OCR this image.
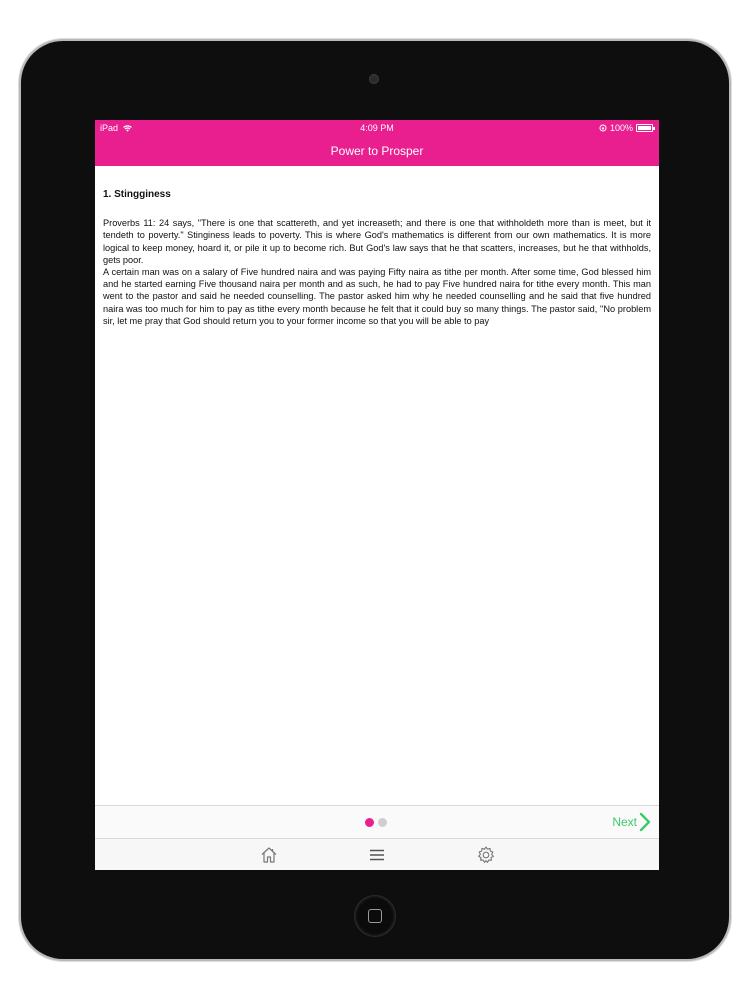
iPad	4:09 PM	100%
Power to Prosper
1. Stingginess

Proverbs 11: 24 says, "There is one that scattereth, and yet increaseth; and there is one that withholdeth more than is meet, but it tendeth to poverty." Stinginess leads to poverty. This is where God's mathematics is different from our own mathematics. It is more logical to keep money, hoard it, or pile it up to become rich. But God's law says that he that scatters, increases, but he that withholds, gets poor.

A certain man was on a salary of Five hundred naira and was paying Fifty naira as tithe per month. After some time, God blessed him and he started earning Five thousand naira per month and as such, he had to pay Five hundred naira for tithe every month. This man went to the pastor and said he needed counselling. The pastor asked him why he needed counselling and he said that five hundred naira was too much for him to pay as tithe every month because he felt that it could buy so many things. The pastor said, "No problem sir, let me pray that God should return you to your former income so that you will be able to pay

Next
